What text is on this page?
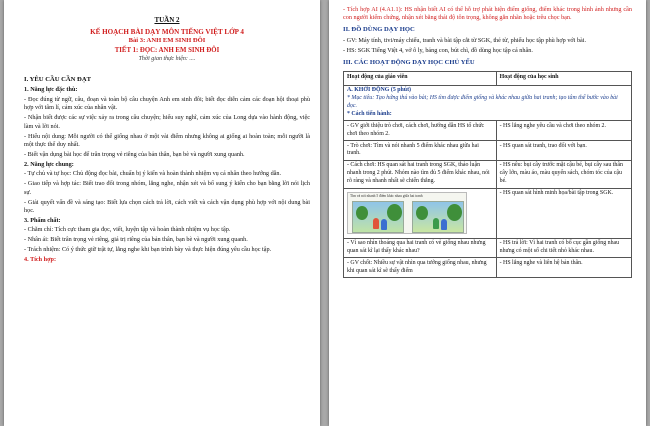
TUẦN 2
KẾ HOẠCH BÀI DẠY MÔN TIẾNG VIỆT LỚP 4
Bài 3: ANH EM SINH ĐÔI
TIẾT 1: ĐỌC: ANH EM SINH ĐÔI
Thời gian thực hiện: ....
I. YÊU CẦU CẦN ĐẠT
1. Năng lực đặc thù:
- Đọc đúng từ ngữ, câu, đoạn và toàn bộ câu chuyện Anh em sinh đôi; biết đọc diễn cảm các đoạn hội thoại phù hợp với tâm lí, cảm xúc của nhân vật.
- Nhận biết được các sự việc xảy ra trong câu chuyện; hiểu suy nghĩ, cảm xúc của Long dựa vào hành động, việc làm và lời nói.
- Hiểu nội dung: Mỗi người có thể giống nhau ở một vài điểm nhưng không ai giống ai hoàn toàn; mỗi người là một thực thể duy nhất.
- Biết vận dụng bài học để trân trọng vẻ riêng của bản thân, bạn bè và người xung quanh.
2. Năng lực chung:
- Tự chủ và tự học: Chủ động đọc bài, chuẩn bị ý kiến và hoàn thành nhiệm vụ cá nhân theo hướng dẫn.
- Giao tiếp và hợp tác: Biết trao đổi trong nhóm, lắng nghe, nhận xét và bổ sung ý kiến cho bạn bằng lời nói lịch sự.
- Giải quyết vấn đề và sáng tạo: Biết lựa chọn cách trả lời, cách viết và cách vận dụng phù hợp với nội dung bài học.
3. Phẩm chất:
- Chăm chỉ: Tích cực tham gia đọc, viết, luyện tập và hoàn thành nhiệm vụ học tập.
- Nhân ái: Biết trân trọng vẻ riêng, giá trị riêng của bản thân, bạn bè và người xung quanh.
- Trách nhiệm: Có ý thức giữ trật tự, lắng nghe khi bạn trình bày và thực hiện đúng yêu cầu học tập.
4. Tích hợp:
- Tích hợp AI (4.A1.1): HS nhận biết AI có thể hỗ trợ phát hiện điểm giống, điểm khác trong hình ảnh nhưng cần con người kiểm chứng, nhận xét bằng thái độ tôn trọng, không gắn nhãn hoặc trêu chọc bạn.
II. ĐỒ DÙNG DẠY HỌC
- GV: Máy tính, tivi/máy chiếu, tranh và bài tập cắt từ SGK, thẻ từ, phiếu học tập phù hợp với bài.
- HS: SGK Tiếng Việt 4, vở ô ly, bảng con, bút chì, đồ dùng học tập cá nhân.
III. CÁC HOẠT ĐỘNG DẠY HỌC CHỦ YẾU
Hoạt động của giáo viên	Hoạt động của học sinh

A. KHỞI ĐỘNG (5 phút)
* Mục tiêu: Tạo hứng thú vào bài; HS tìm được điểm giống và khác nhau giữa hai tranh; tạo tâm thế bước vào bài đọc.
* Cách tiến hành:	

- GV giới thiệu trò chơi, cách chơi, hướng dẫn HS tổ chức chơi theo nhóm 2.	- HS lắng nghe yêu cầu và chơi theo nhóm 2.
- Trò chơi: Tìm và nói nhanh 5 điểm khác nhau giữa hai tranh.	- HS quan sát tranh, trao đổi với bạn.
- Cách chơi: HS quan sát hai tranh trong SGK, thảo luận nhanh trong 2 phút. Nhóm nào tìm đủ 5 điểm khác nhau, nói rõ ràng và nhanh nhất sẽ chiến thắng.	- HS nêu: bụi cây trước mặt cậu bé, bụi cây sau thân cây lớn, màu áo, màu quyển sách, chóm tóc của cậu bé.

Tìm và nói nhanh 5 điểm khác nhau giữa hai tranh	- HS quan sát hình minh họa/bài tập trong SGK.
- Vì sao nhìn thoáng qua hai tranh có vẻ giống nhau nhưng quan sát kĩ lại thấy khác nhau?	- HS trả lời: Vì hai tranh có bố cục gần giống nhau nhưng có một số chi tiết nhỏ khác nhau.
- GV chốt: Nhiều sự vật nhìn qua tưởng giống nhau, nhưng khi quan sát kĩ sẽ thấy điểm	- HS lắng nghe và liên hệ bản thân.
